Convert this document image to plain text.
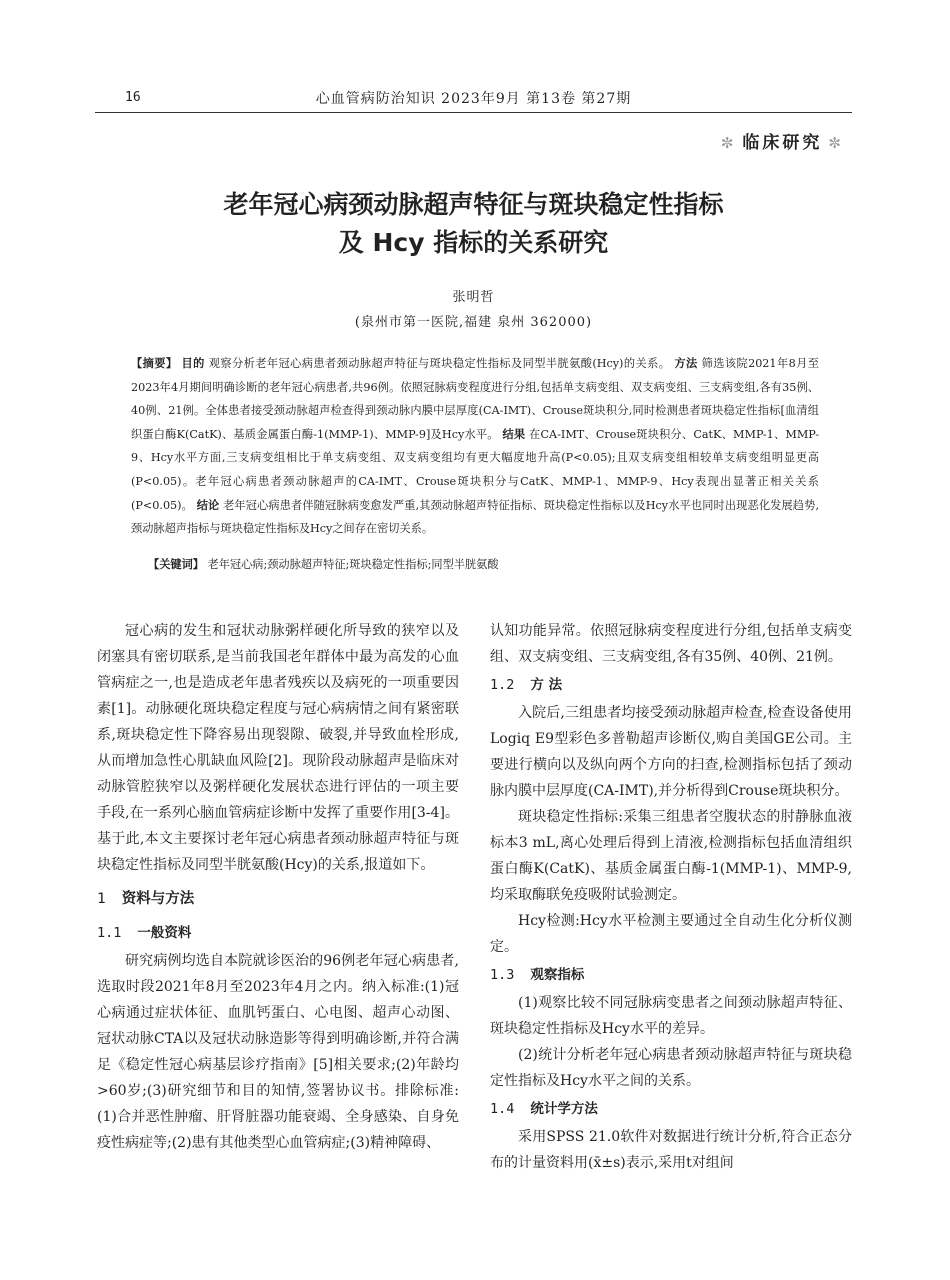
16	心血管病防治知识 2023年9月 第13卷 第27期
✼ 临床研究 ✼
老年冠心病颈动脉超声特征与斑块稳定性指标
及 Hcy 指标的关系研究
张明哲
(泉州市第一医院,福建 泉州 362000)

【摘要】 目的 观察分析老年冠心病患者颈动脉超声特征与斑块稳定性指标及同型半胱氨酸(Hcy)的关系。 方法 筛选该院2021年8月至2023年4月期间明确诊断的老年冠心病患者,共96例。依照冠脉病变程度进行分组,包括单支病变组、双支病变组、三支病变组,各有35例、40例、21例。全体患者接受颈动脉超声检查得到颈动脉内膜中层厚度(CA-IMT)、Crouse斑块积分,同时检测患者斑块稳定性指标[血清组织蛋白酶K(CatK)、基质金属蛋白酶-1(MMP-1)、MMP-9]及Hcy水平。 结果 在CA-IMT、Crouse斑块积分、CatK、MMP-1、MMP-9、Hcy水平方面,三支病变组相比于单支病变组、双支病变组均有更大幅度地升高(P<0.05);且双支病变组相较单支病变组明显更高(P<0.05)。老年冠心病患者颈动脉超声的CA-IMT、Crouse斑块积分与CatK、MMP-1、MMP-9、Hcy表现出显著正相关关系(P<0.05)。 结论 老年冠心病患者伴随冠脉病变愈发严重,其颈动脉超声特征指标、斑块稳定性指标以及Hcy水平也同时出现恶化发展趋势,颈动脉超声指标与斑块稳定性指标及Hcy之间存在密切关系。

【关键词】 老年冠心病;颈动脉超声特征;斑块稳定性指标;同型半胱氨酸

冠心病的发生和冠状动脉粥样硬化所导致的狭窄以及闭塞具有密切联系,是当前我国老年群体中最为高发的心血管病症之一,也是造成老年患者残疾以及病死的一项重要因素[1]。动脉硬化斑块稳定程度与冠心病病情之间有紧密联系,斑块稳定性下降容易出现裂隙、破裂,并导致血栓形成,从而增加急性心肌缺血风险[2]。现阶段动脉超声是临床对动脉管腔狭窄以及粥样硬化发展状态进行评估的一项主要手段,在一系列心脑血管病症诊断中发挥了重要作用[3-4]。基于此,本文主要探讨老年冠心病患者颈动脉超声特征与斑块稳定性指标及同型半胱氨酸(Hcy)的关系,报道如下。

1 资料与方法
1.1 一般资料

研究病例均选自本院就诊医治的96例老年冠心病患者,选取时段2021年8月至2023年4月之内。纳入标准:(1)冠心病通过症状体征、血肌钙蛋白、心电图、超声心动图、冠状动脉CTA以及冠状动脉造影等得到明确诊断,并符合满足《稳定性冠心病基层诊疗指南》[5]相关要求;(2)年龄均>60岁;(3)研究细节和目的知情,签署协议书。排除标准:(1)合并恶性肿瘤、肝肾脏器功能衰竭、全身感染、自身免疫性病症等;(2)患有其他类型心血管病症;(3)精神障碍、

认知功能异常。依照冠脉病变程度进行分组,包括单支病变组、双支病变组、三支病变组,各有35例、40例、21例。

1.2 方 法

入院后,三组患者均接受颈动脉超声检查,检查设备使用Logiq E9型彩色多普勒超声诊断仪,购自美国GE公司。主要进行横向以及纵向两个方向的扫查,检测指标包括了颈动脉内膜中层厚度(CA-IMT),并分析得到Crouse斑块积分。

斑块稳定性指标:采集三组患者空腹状态的肘静脉血液标本3 mL,离心处理后得到上清液,检测指标包括血清组织蛋白酶K(CatK)、基质金属蛋白酶-1(MMP-1)、MMP-9,均采取酶联免疫吸附试验测定。

Hcy检测:Hcy水平检测主要通过全自动生化分析仪测定。

1.3 观察指标

(1)观察比较不同冠脉病变患者之间颈动脉超声特征、斑块稳定性指标及Hcy水平的差异。

(2)统计分析老年冠心病患者颈动脉超声特征与斑块稳定性指标及Hcy水平之间的关系。

1.4 统计学方法

采用SPSS 21.0软件对数据进行统计分析,符合正态分布的计量资料用(x̄±s)表示,采用t对组间
